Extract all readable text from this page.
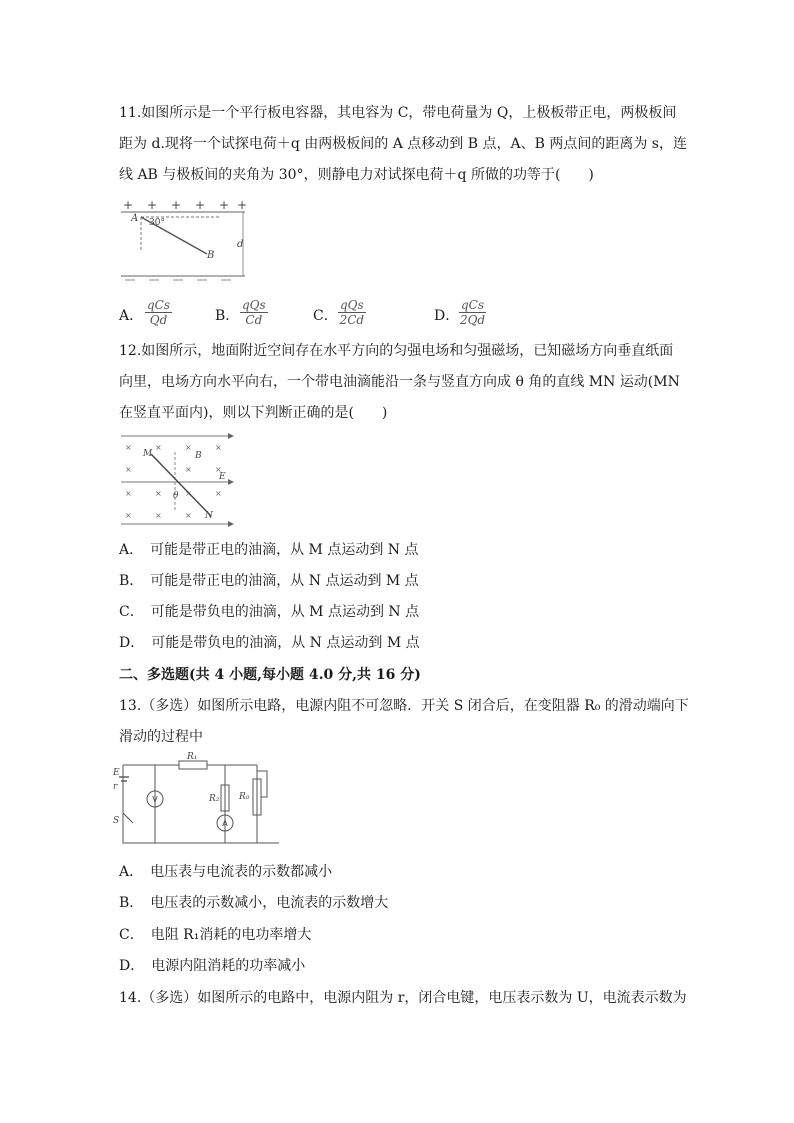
11.如图所示是一个平行板电容器，其电容为 C，带电荷量为 Q，上极板带正电，两极板间
距为 d.现将一个试探电荷＋q 由两极板间的 A 点移动到 B 点，A、B 两点间的距离为 s，连
线 AB 与极板间的夹角为 30°，则静电力对试探电荷＋q 所做的功等于(　　)
+ + + + + +
A
B
d
30°
A．
qCs
Qd	B．
qQs
Cd	C．
qQs
2Cd	D．
qCs
2Qd
12.如图所示，地面附近空间存在水平方向的匀强电场和匀强磁场，已知磁场方向垂直纸面
向里，电场方向水平向右，一个带电油滴能沿一条与竖直方向成 θ 角的直线 MN 运动(MN
在竖直平面内)，则以下判断正确的是(　　)
×	×	×	×
×	×	×
×	×	×	×
×	×	×
M
N
B
E
θ
A．　可能是带正电的油滴，从 M 点运动到 N 点
B．　可能是带正电的油滴，从 N 点运动到 M 点
C．　可能是带负电的油滴，从 M 点运动到 N 点
D．　可能是带负电的油滴，从 N 点运动到 M 点
二、多选题(共 4 小题,每小题 4.0 分,共 16 分)
13.（多选）如图所示电路，电源内阻不可忽略．开关 S 闭合后，在变阻器 R₀ 的滑动端向下
滑动的过程中
E
r
S
R₁
R₂ R₀
V
A
A．　电压表与电流表的示数都减小
B．　电压表的示数减小，电流表的示数增大
C．　电阻 R₁消耗的电功率增大
D．　电源内阻消耗的功率减小
14.（多选）如图所示的电路中，电源内阻为 r，闭合电键，电压表示数为 U，电流表示数为
